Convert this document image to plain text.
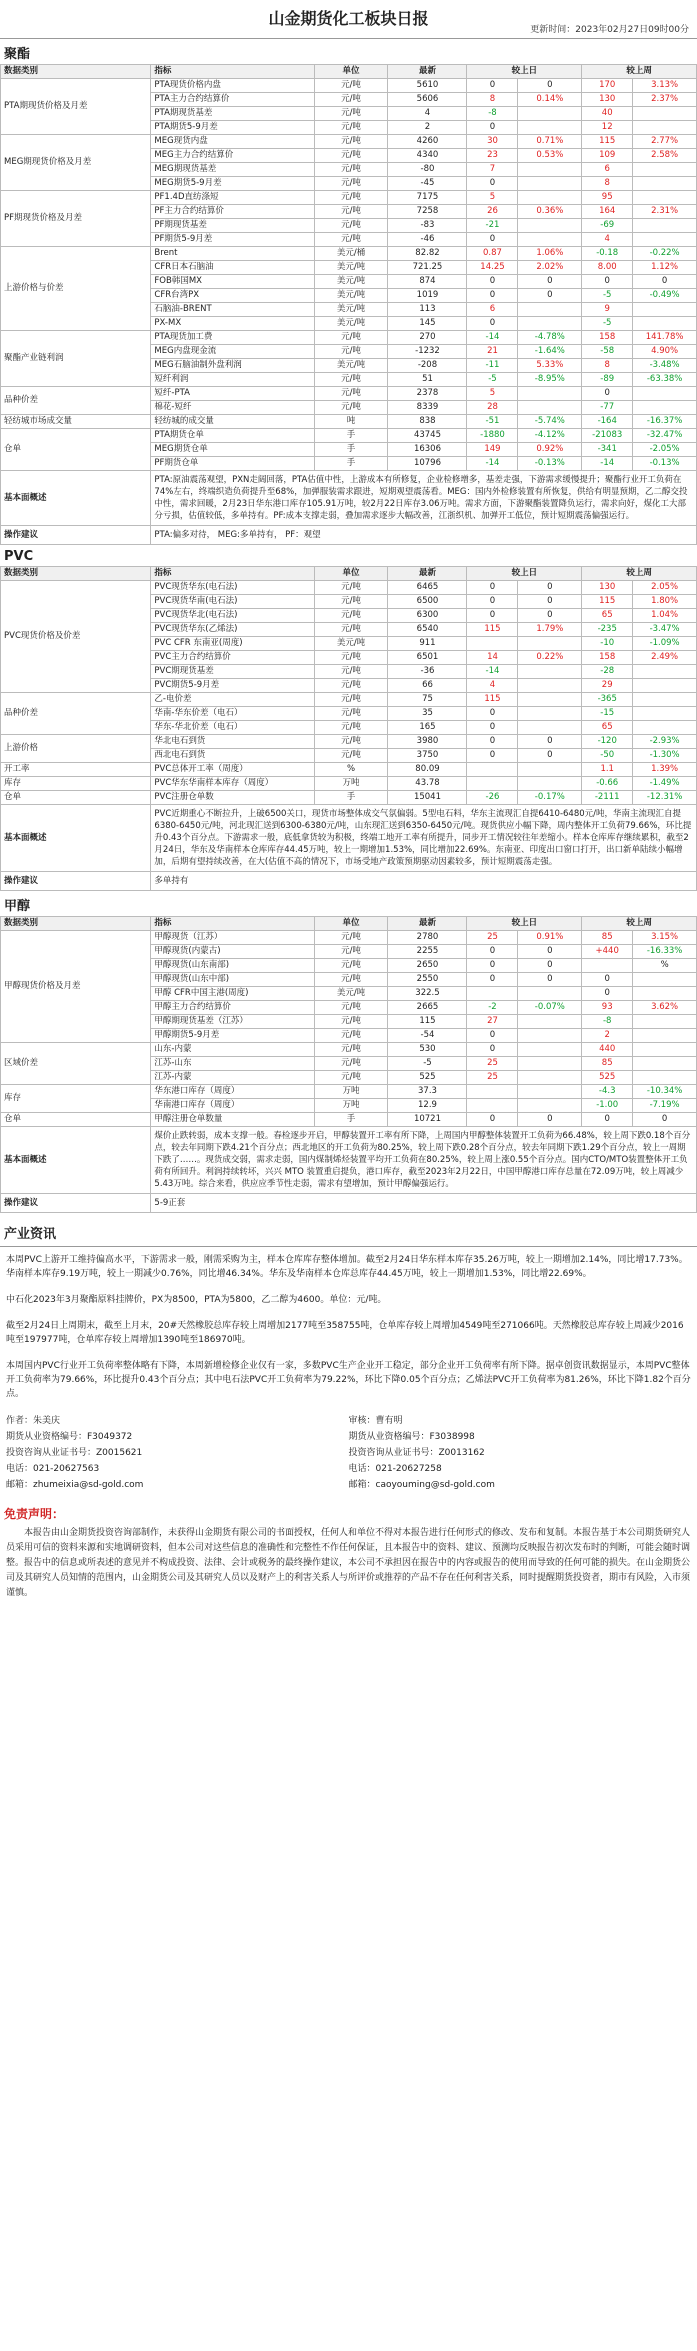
山金期货化工板块日报
更新时间：2023年02月27日09时00分
聚酯
数据类别	指标	单位	最新	较上日		较上周	
PTA期现货价格及月差	PTA现货价格内盘	元/吨	5610	0	0	170	3.13%
	PTA主力合约结算价	元/吨	5606	8	0.14%	130	2.37%
	PTA期现货基差	元/吨	4	-8		40	
	PTA期货5-9月差	元/吨	2	0		12	
MEG期现货价格及月差	MEG现货内盘	元/吨	4260	30	0.71%	115	2.77%
	MEG主力合约结算价	元/吨	4340	23	0.53%	109	2.58%
	MEG期现货基差	元/吨	-80	7		6	
	MEG期货5-9月差	元/吨	-45	0		8	
PF期现货价格及月差	PF1.4D直纺涤短	元/吨	7175	5		95	
	PF主力合约结算价	元/吨	7258	26	0.36%	164	2.31%
	PF期现货基差	元/吨	-83	-21		-69	
	PF期货5-9月差	元/吨	-46	0		4	
上游价格与价差	Brent	美元/桶	82.82	0.87	1.06%	-0.18	-0.22%
	CFR日本石脑油	美元/吨	721.25	14.25	2.02%	8.00	1.12%
	FOB韩国MX	美元/吨	874	0	0	0	0
	CFR台湾PX	美元/吨	1019	0	0	-5	-0.49%
	石脑油-BRENT	美元/吨	113	6		9	
	PX-MX	美元/吨	145	0		-5	
聚酯产业链利润	PTA现货加工费	元/吨	270	-14	-4.78%	158	141.78%
	MEG内盘现金流	元/吨	-1232	21	-1.64%	-58	4.90%
	MEG石脑油制外盘利润	美元/吨	-208	-11	5.33%	8	-3.48%
	短纤利润	元/吨	51	-5	-8.95%	-89	-63.38%
品种价差	短纤-PTA	元/吨	2378	5		0	
	棉花-短纤	元/吨	8339	28		-77	
轻纺城市场成交量	轻纺城的成交量	吨	838	-51	-5.74%	-164	-16.37%
仓单	PTA期货仓单	手	43745	-1880	-4.12%	-21083	-32.47%
	MEG期货仓单	手	16306	149	0.92%	-341	-2.05%
	PF期货仓单	手	10796	-14	-0.13%	-14	-0.13%
基本面概述	PTA:原油震荡观望，PXN走阔回落，PTA估值中性，上游成本有所修复，企业检修增多，基差走强，下游需求缓慢提升；聚酯行业开工负荷在74%左右，终端织造负荷提升至68%，加弹服装需求跟进，短期观望震荡看。MEG：国内外检修装置有所恢复，供给有明显预期，乙二醇交投中性，需求回暖，2月23日华东港口库存105.91万吨，较2月22日库存3.06万吨。需求方面，下游聚酯装置降负运行，需求向好，煤化工大部分亏损，估值较低，多单持有。PF:成本支撑走弱，叠加需求逐步大幅改善，江浙织机、加弹开工低位，预计短期震荡偏强运行。						
操作建议	PTA:偏多对待， MEG:多单持有， PF：观望						
PVC
数据类别	指标	单位	最新	较上日		较上周	
PVC现货价格及价差	PVC现货华东(电石法)	元/吨	6465	0	0	130	2.05%
	PVC现货华南(电石法)	元/吨	6500	0	0	115	1.80%
	PVC现货华北(电石法)	元/吨	6300	0	0	65	1.04%
	PVC现货华东(乙烯法)	元/吨	6540	115	1.79%	-235	-3.47%
	PVC CFR 东南亚(周度)	美元/吨	911			-10	-1.09%
	PVC主力合约结算价	元/吨	6501	14	0.22%	158	2.49%
	PVC期现货基差	元/吨	-36	-14		-28	
	PVC期货5-9月差	元/吨	66	4		29	
品种价差	乙-电价差	元/吨	75	115		-365	
	华南-华东价差（电石）	元/吨	35	0		-15	
	华东-华北价差（电石）	元/吨	165	0		65	
上游价格	华北电石到货	元/吨	3980	0	0	-120	-2.93%
	西北电石到货	元/吨	3750	0	0	-50	-1.30%
开工率	PVC总体开工率（周度）	%	80.09			1.1	1.39%
库存	PVC华东华南样本库存（周度）	万吨	43.78			-0.66	-1.49%
仓单	PVC注册仓单数	手	15041	-26	-0.17%	-2111	-12.31%
基本面概述	PVC近期重心不断拉升，上破6500关口，现货市场整体成交气氛偏弱。5型电石料，华东主流现汇自提6410-6480元/吨，华南主流现汇自提6380-6450元/吨，河北现汇送到6300-6380元/吨，山东现汇送到6350-6450元/吨。现货供应小幅下降，周内整体开工负荷79.66%，环比提升0.43个百分点。下游需求一般，底低拿货较为积极，终端工地开工率有所提升，同步开工情况较往年差缩小。样本仓库库存继续累积，截至2月24日，华东及华南样本仓库库存44.45万吨，较上一期增加1.53%，同比增加22.69%。东南亚、印度出口窗口打开，出口新单陆续小幅增加，后期有望持续改善，在大(估值不高的情况下，市场受地产政策预期驱动因素较多，预计短期震荡走强。						
操作建议	多单持有						
甲醇
数据类别	指标	单位	最新	较上日		较上周	
甲醇现货价格及月差	甲醇现货（江苏）	元/吨	2780	25	0.91%	85	3.15%
	甲醇现货(内蒙古)	元/吨	2255	0	0	+440	-16.33%
	甲醇现货(山东南部)	元/吨	2650	0	0		%
	甲醇现货(山东中部)	元/吨	2550	0	0	0	
	甲醇 CFR中国主港(周度)	美元/吨	322.5			0	
	甲醇主力合约结算价	元/吨	2665	-2	-0.07%	93	3.62%
	甲醇期现货基差（江苏）	元/吨	115	27		-8	
	甲醇期货5-9月差	元/吨	-54	0		2	
区域价差	山东-内蒙	元/吨	530	0		440	
	江苏-山东	元/吨	-5	25		85	
	江苏-内蒙	元/吨	525	25		525	
库存	华东港口库存（周度）	万吨	37.3			-4.3	-10.34%
	华南港口库存（周度）	万吨	12.9			-1.00	-7.19%
仓单	甲醇注册仓单数量	手	10721	0	0	0	0
基本面概述	煤价止跌转弱，成本支撑一般。春检逐步开启，甲醇装置开工率有所下降，上周国内甲醇整体装置开工负荷为66.48%，较上周下跌0.18个百分点，较去年同期下跌4.21个百分点；西北地区的开工负荷为80.25%，较上周下跌0.28个百分点，较去年同期下跌1.29个百分点，较上一周期下跌了……。现货成交弱，需求走弱，国内煤制烯烃装置平均开工负荷在80.25%，较上周上涨0.55个百分点。国内CTO/MTO装置整体开工负荷有所回升。利润持续转坏，兴兴 MTO 装置重启提负，港口库存，截至2023年2月22日，中国甲醇港口库存总量在72.09万吨，较上周减少5.43万吨。综合来看，供应应季节性走弱，需求有望增加，预计甲醇偏强运行。						
操作建议	5-9正套						
产业资讯
本周PVC上游开工维持偏高水平，下游需求一般，刚需采购为主，样本仓库库存整体增加。截至2月24日华东样本库存35.26万吨，较上一期增加2.14%，同比增17.73%。华南样本库存9.19万吨，较上一期减少0.76%，同比增46.34%。华东及华南样本仓库总库存44.45万吨，较上一期增加1.53%，同比增22.69%。
中石化2023年3月聚酯原料挂牌价，PX为8500，PTA为5800，乙二醇为4600。单位：元/吨。
截至2月24日上周期末，截至上月末，20#天然橡胶总库存较上周增加2177吨至358755吨，仓单库存较上周增加4549吨至271066吨。天然橡胶总库存较上周减少2016吨至197977吨，仓单库存较上周增加1390吨至186970吨。
本周国内PVC行业开工负荷率整体略有下降，本周新增检修企业仅有一家，多数PVC生产企业开工稳定，部分企业开工负荷率有所下降。据卓创资讯数据显示，本周PVC整体开工负荷率为79.66%，环比提升0.43个百分点；其中电石法PVC开工负荷率为79.22%，环比下降0.05个百分点；乙烯法PVC开工负荷率为81.26%，环比下降1.82个百分点。
作者：朱美庆
期货从业资格编号：F3049372
投资咨询从业证书号：Z0015621
电话：021-20627563
邮箱：zhumeixia@sd-gold.com
审核：曹有明
期货从业资格编号：F3038998
投资咨询从业证书号：Z0013162
电话：021-20627258
邮箱：caoyouming@sd-gold.com
免责声明：
本报告由山金期货投资咨询部制作，未获得山金期货有限公司的书面授权，任何人和单位不得对本报告进行任何形式的修改、发布和复制。本报告基于本公司期货研究人员采用可信的资料来源和实地调研资料，但本公司对这些信息的准确性和完整性不作任何保证，且本报告中的资料、建议、预测均反映报告初次发布时的判断，可能会随时调整。报告中的信息或所表述的意见并不构成投资、法律、会计或税务的最终操作建议，本公司不承担因在报告中的内容或报告的使用而导致的任何可能的损失。在山金期货公司及其研究人员知情的范围内，山金期货公司及其研究人员以及财产上的利害关系人与所评价或推荐的产品不存在任何利害关系，同时提醒期货投资者，期市有风险，入市须谨慎。
